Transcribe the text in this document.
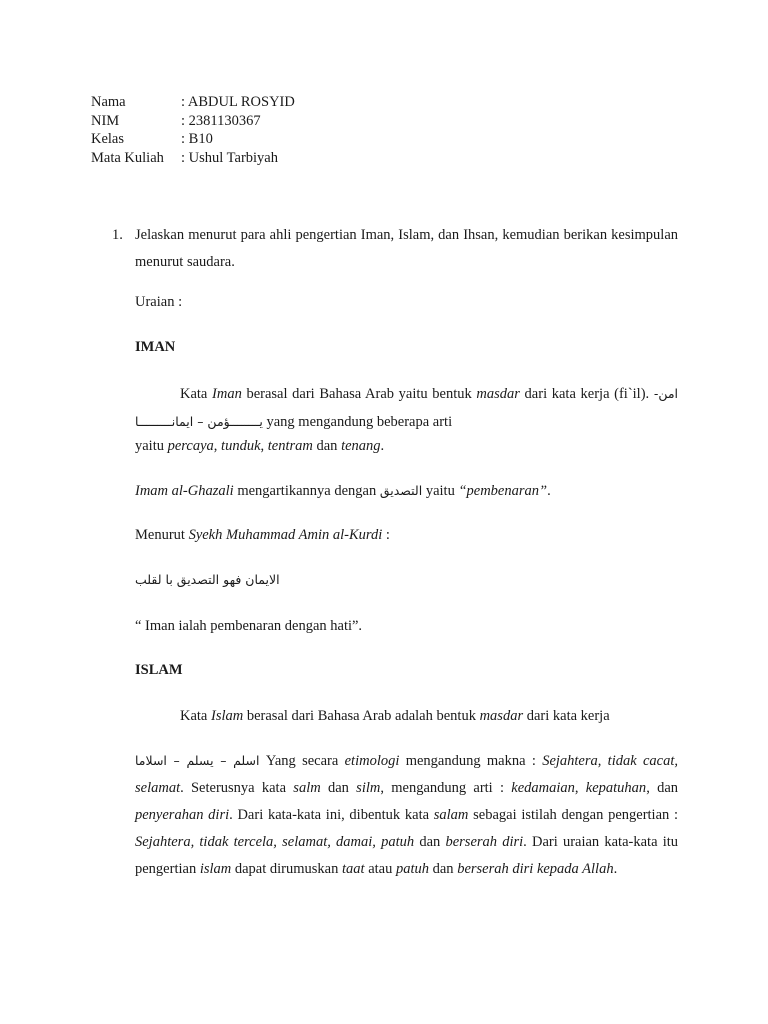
Nama	: ABDUL ROSYID
NIM	: 2381130367
Kelas	: B10
Mata Kuliah	: Ushul Tarbiyah
1. Jelaskan menurut para ahli pengertian Iman, Islam, dan Ihsan, kemudian berikan kesimpulan menurut saudara.
Uraian :
IMAN
Kata Iman berasal dari Bahasa Arab yaitu bentuk masdar dari kata kerja (fi`il). امن-يــــــــؤمن – ايمانـــــــــا yang mengandung beberapa arti
yaitu percaya, tunduk, tentram dan tenang.
Imam al-Ghazali mengartikannya dengan التصديق yaitu “pembenaran”.
Menurut Syekh Muhammad Amin al-Kurdi :
الايمان فهو التصديق با لقلب
“ Iman ialah pembenaran dengan hati”.
ISLAM
Kata Islam berasal dari Bahasa Arab adalah bentuk masdar dari kata kerja
اسلم – يسلم – اسلاما Yang secara etimologi mengandung makna : Sejahtera, tidak cacat, selamat. Seterusnya kata salm dan silm, mengandung arti : kedamaian, kepatuhan, dan penyerahan diri. Dari kata-kata ini, dibentuk kata salam sebagai istilah dengan pengertian : Sejahtera, tidak tercela, selamat, damai, patuh dan berserah diri. Dari uraian kata-kata itu pengertian islam dapat dirumuskan taat atau patuh dan berserah diri kepada Allah.
